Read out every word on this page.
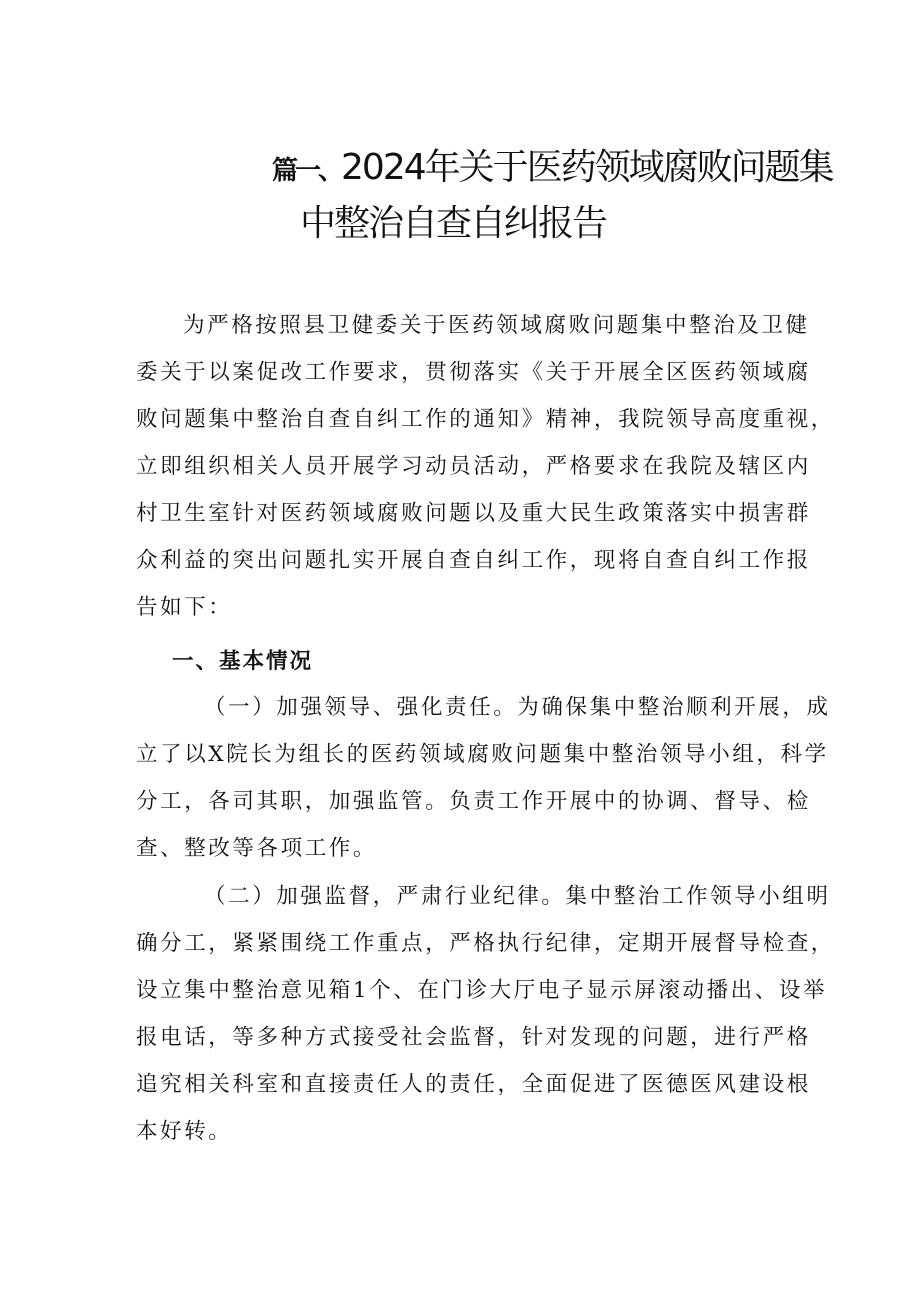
篇一、2024年关于医药领域腐败问题集
中整治自查自纠报告
为严格按照县卫健委关于医药领域腐败问题集中整治及卫健
委关于以案促改工作要求，贯彻落实《关于开展全区医药领域腐
败问题集中整治自查自纠工作的通知》精神，我院领导高度重视，
立即组织相关人员开展学习动员活动，严格要求在我院及辖区内
村卫生室针对医药领域腐败问题以及重大民生政策落实中损害群
众利益的突出问题扎实开展自查自纠工作，现将自查自纠工作报
告如下：
一、基本情况
（一）加强领导、强化责任。为确保集中整治顺利开展，成
立了以X院长为组长的医药领域腐败问题集中整治领导小组，科学
分工，各司其职，加强监管。负责工作开展中的协调、督导、检
查、整改等各项工作。
（二）加强监督，严肃行业纪律。集中整治工作领导小组明
确分工，紧紧围绕工作重点，严格执行纪律，定期开展督导检查，
设立集中整治意见箱1个、在门诊大厅电子显示屏滚动播出、设举
报电话，等多种方式接受社会监督，针对发现的问题，进行严格
追究相关科室和直接责任人的责任，全面促进了医德医风建设根
本好转。
